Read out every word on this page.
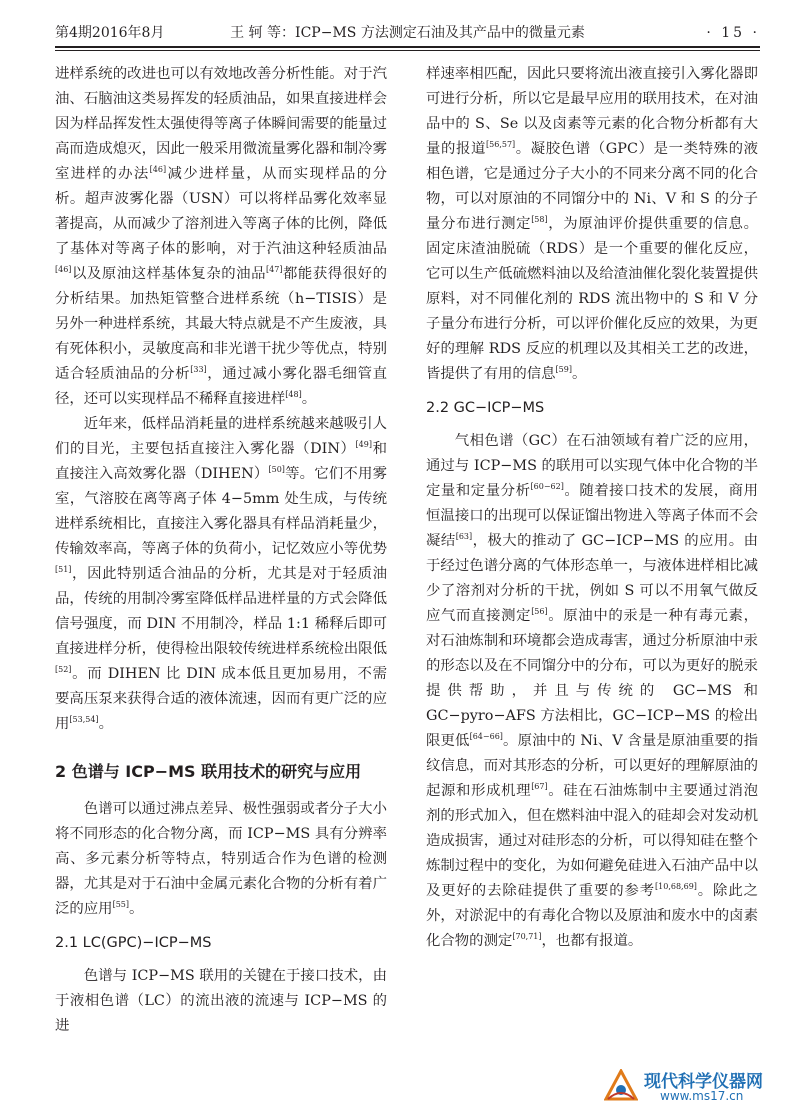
第4期2016年8月	王 轲 等：ICP−MS 方法测定石油及其产品中的微量元素	· 15 ·

进样系统的改进也可以有效地改善分析性能。对于汽油、石脑油这类易挥发的轻质油品，如果直接进样会因为样品挥发性太强使得等离子体瞬间需要的能量过高而造成熄灭，因此一般采用微流量雾化器和制冷雾室进样的办法[46]减少进样量，从而实现样品的分析。超声波雾化器（USN）可以将样品雾化效率显著提高，从而减少了溶剂进入等离子体的比例，降低了基体对等离子体的影响，对于汽油这种轻质油品[46]以及原油这样基体复杂的油品[47]都能获得很好的分析结果。加热矩管整合进样系统（h−TISIS）是另外一种进样系统，其最大特点就是不产生废液，具有死体积小，灵敏度高和非光谱干扰少等优点，特别适合轻质油品的分析[33]，通过减小雾化器毛细管直径，还可以实现样品不稀释直接进样[48]。

近年来，低样品消耗量的进样系统越来越吸引人们的目光，主要包括直接注入雾化器（DIN）[49]和直接注入高效雾化器（DIHEN）[50]等。它们不用雾室，气溶胶在离等离子体 4−5mm 处生成，与传统进样系统相比，直接注入雾化器具有样品消耗量少，传输效率高，等离子体的负荷小，记忆效应小等优势[51]，因此特别适合油品的分析，尤其是对于轻质油品，传统的用制冷雾室降低样品进样量的方式会降低信号强度，而 DIN 不用制冷，样品 1:1 稀释后即可直接进样分析，使得检出限较传统进样系统检出限低[52]。而 DIHEN 比 DIN 成本低且更加易用，不需要高压泵来获得合适的液体流速，因而有更广泛的应用[53,54]。

2 色谱与 ICP−MS 联用技术的研究与应用

色谱可以通过沸点差异、极性强弱或者分子大小将不同形态的化合物分离，而 ICP−MS 具有分辨率高、多元素分析等特点，特别适合作为色谱的检测器，尤其是对于石油中金属元素化合物的分析有着广泛的应用[55]。

2.1 LC(GPC)−ICP−MS

色谱与 ICP−MS 联用的关键在于接口技术，由于液相色谱（LC）的流出液的流速与 ICP−MS 的进

样速率相匹配，因此只要将流出液直接引入雾化器即可进行分析，所以它是最早应用的联用技术，在对油品中的 S、Se 以及卤素等元素的化合物分析都有大量的报道[56,57]。凝胶色谱（GPC）是一类特殊的液相色谱，它是通过分子大小的不同来分离不同的化合物，可以对原油的不同馏分中的 Ni、V 和 S 的分子量分布进行测定[58]，为原油评价提供重要的信息。固定床渣油脱硫（RDS）是一个重要的催化反应，它可以生产低硫燃料油以及给渣油催化裂化装置提供原料，对不同催化剂的 RDS 流出物中的 S 和 V 分子量分布进行分析，可以评价催化反应的效果，为更好的理解 RDS 反应的机理以及其相关工艺的改进，皆提供了有用的信息[59]。

2.2 GC−ICP−MS

气相色谱（GC）在石油领域有着广泛的应用，通过与 ICP−MS 的联用可以实现气体中化合物的半定量和定量分析[60−62]。随着接口技术的发展，商用恒温接口的出现可以保证馏出物进入等离子体而不会凝结[63]，极大的推动了 GC−ICP−MS 的应用。由于经过色谱分离的气体形态单一，与液体进样相比减少了溶剂对分析的干扰，例如 S 可以不用氧气做反应气而直接测定[56]。原油中的汞是一种有毒元素，对石油炼制和环境都会造成毒害，通过分析原油中汞的形态以及在不同馏分中的分布，可以为更好的脱汞提供帮助，并且与传统的 GC−MS 和 GC−pyro−AFS 方法相比，GC−ICP−MS 的检出限更低[64−66]。原油中的 Ni、V 含量是原油重要的指纹信息，而对其形态的分析，可以更好的理解原油的起源和形成机理[67]。硅在石油炼制中主要通过消泡剂的形式加入，但在燃料油中混入的硅却会对发动机造成损害，通过对硅形态的分析，可以得知硅在整个炼制过程中的变化，为如何避免硅进入石油产品中以及更好的去除硅提供了重要的参考[10,68,69]。除此之外，对淤泥中的有毒化合物以及原油和废水中的卤素化合物的测定[70,71]，也都有报道。

现代科学仪器网
www.ms17.cn
